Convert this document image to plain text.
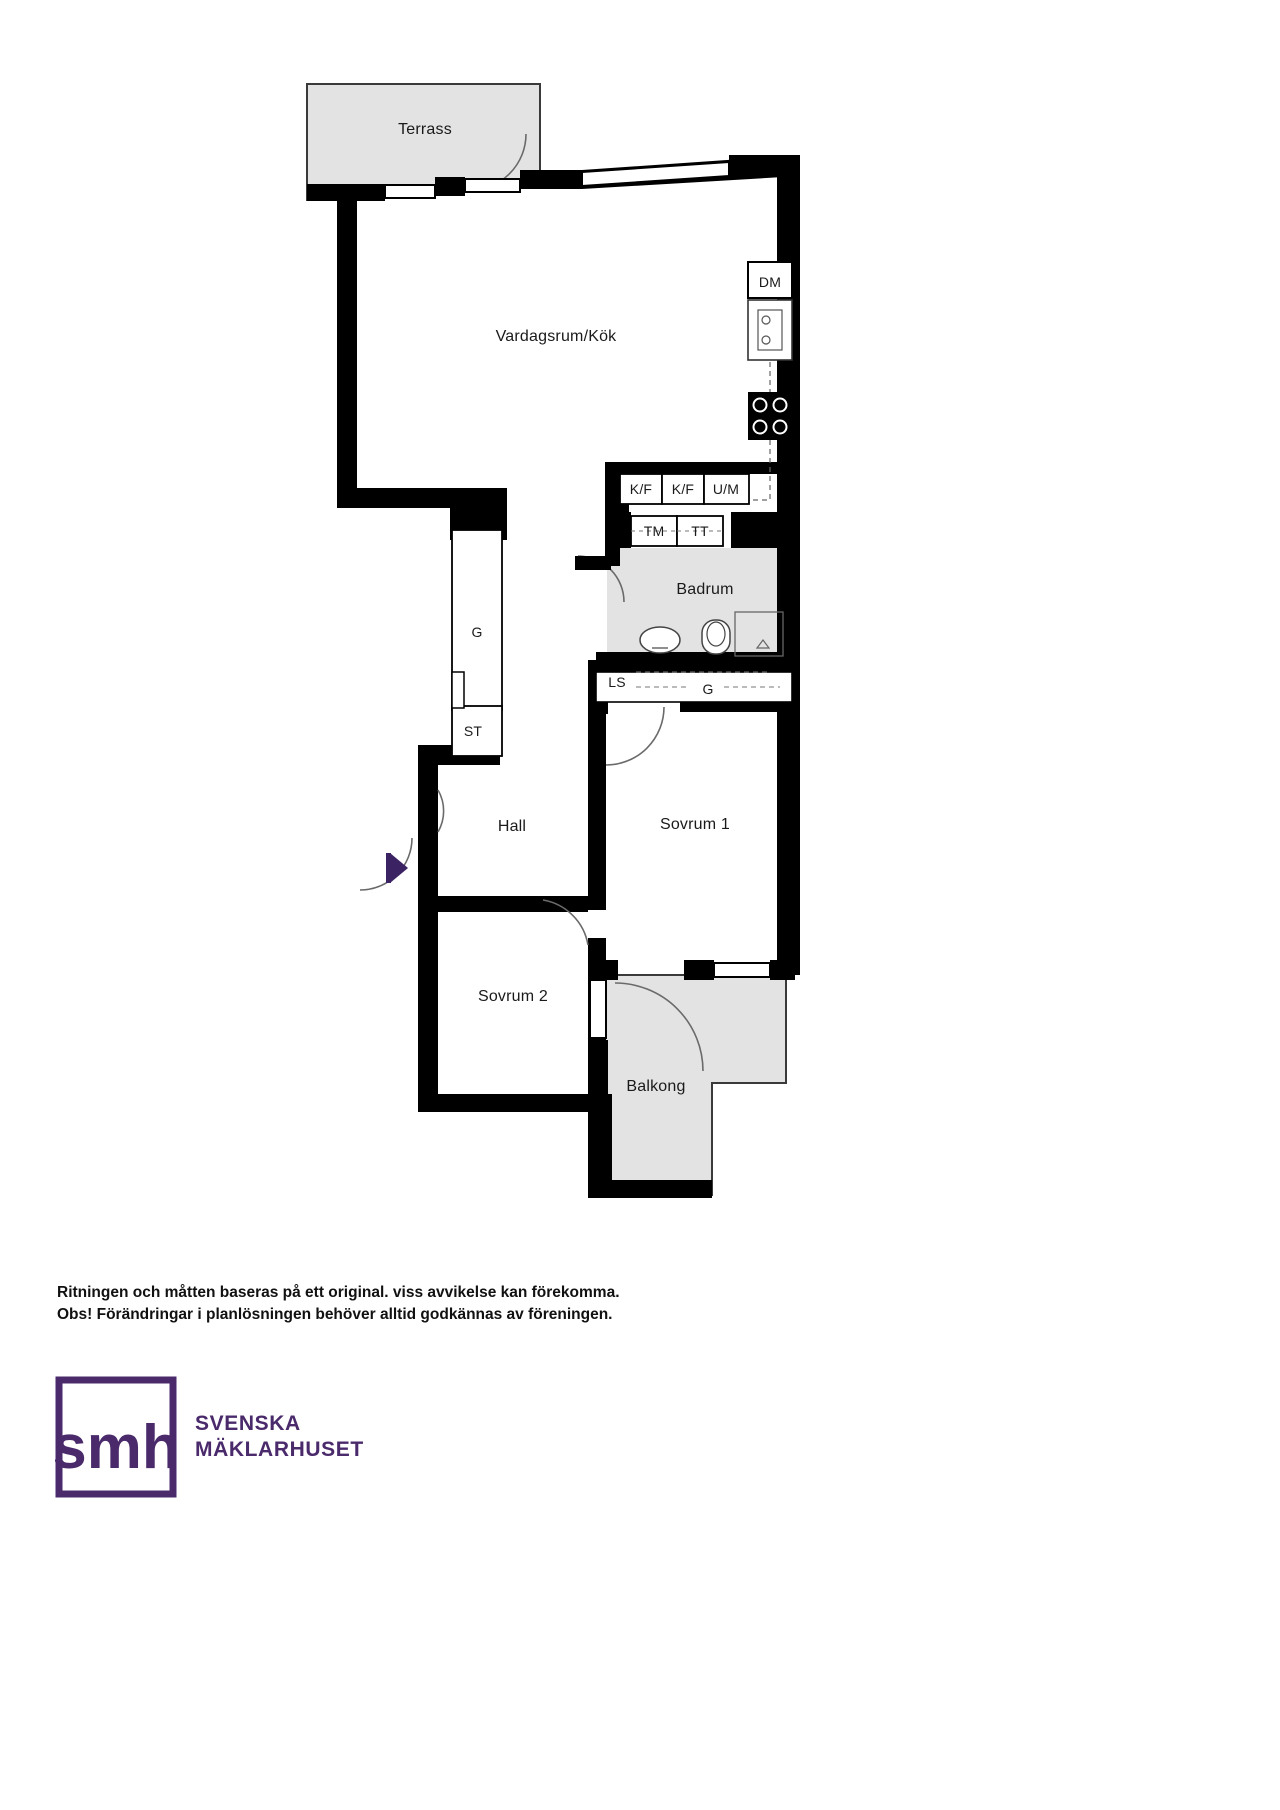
Terrass
Vardagsrum/Kök
Badrum
Sovrum 1
Sovrum 2
Hall
Balkong
DM
K/F K/F U/M
TM TT
G
ST
LS	G
Ritningen och måtten baseras på ett original. viss avvikelse kan förekomma.
Obs! Förändringar i planlösningen behöver alltid godkännas av föreningen.
smh SVENSKA
MÄKLARHUSET
